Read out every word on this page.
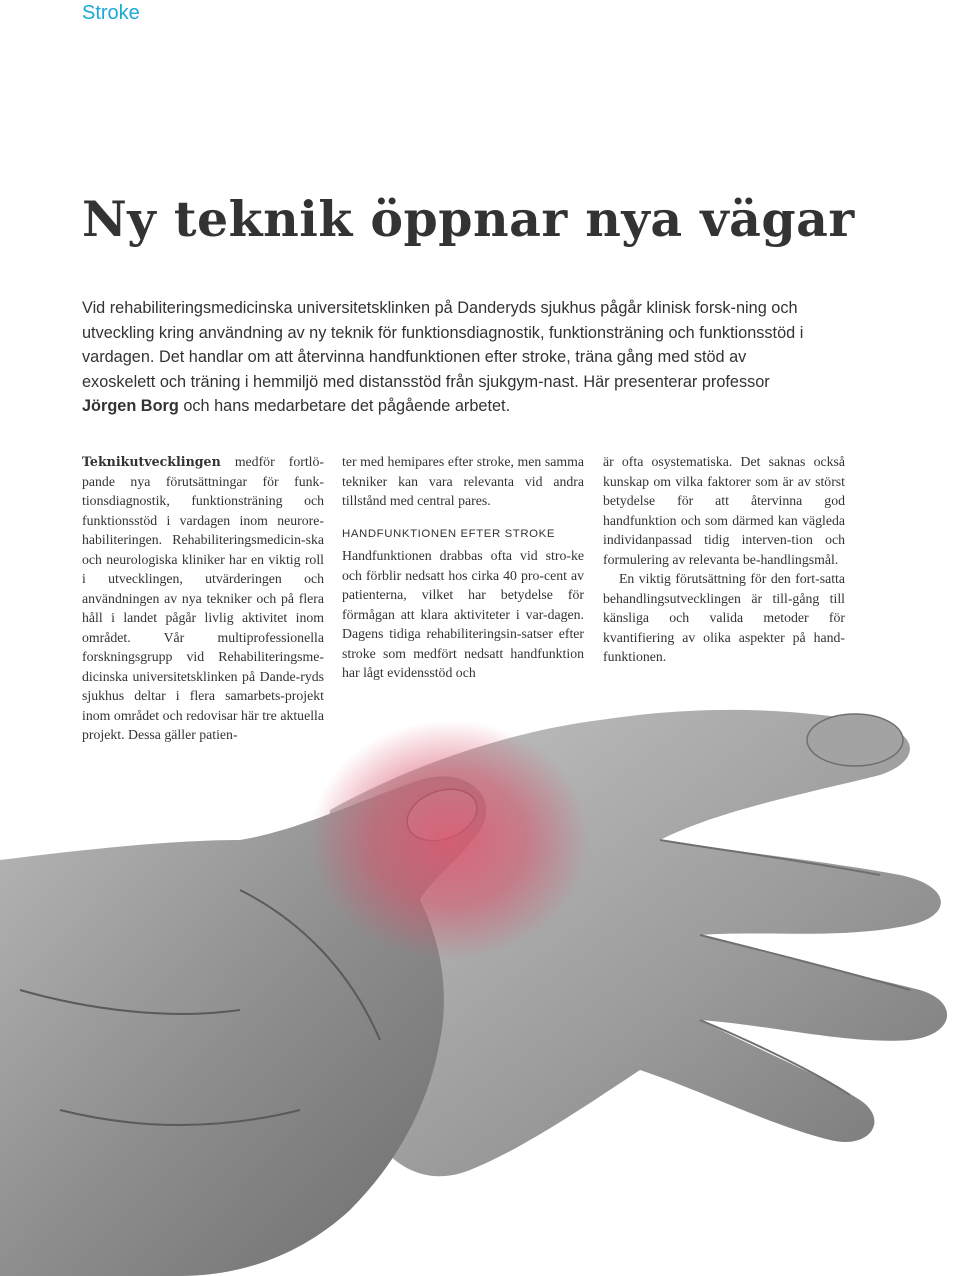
Stroke
Ny teknik öppnar nya vägar

Vid rehabiliteringsmedicinska universitetsklinken på Danderyds sjukhus pågår klinisk forsk-ning och utveckling kring användning av ny teknik för funktionsdiagnostik, funktionsträning och funktionsstöd i vardagen. Det handlar om att återvinna handfunktionen efter stroke, träna gång med stöd av exoskelett och träning i hemmiljö med distansstöd från sjukgym-nast. Här presenterar professor Jörgen Borg och hans medarbetare det pågående arbetet.

Teknikutvecklingen medför fortlö-pande nya förutsättningar för funk-tionsdiagnostik, funktionsträning och funktionsstöd i vardagen inom neurore-habiliteringen. Rehabiliteringsmedicin-ska och neurologiska kliniker har en viktig roll i utvecklingen, utvärderingen och användningen av nya tekniker och på flera håll i landet pågår livlig aktivitet inom området. Vår multiprofessionella forskningsgrupp vid Rehabiliteringsme-dicinska universitetsklinken på Dande-ryds sjukhus deltar i flera samarbets-projekt inom området och redovisar här tre aktuella projekt. Dessa gäller patien-

ter med hemipares efter stroke, men samma tekniker kan vara relevanta vid andra tillstånd med central pares.

HANDFUNKTIONEN EFTER STROKE

Handfunktionen drabbas ofta vid stro-ke och förblir nedsatt hos cirka 40 pro-cent av patienterna, vilket har betydelse för förmågan att klara aktiviteter i var-dagen. Dagens tidiga rehabiliteringsin-satser efter stroke som medfört nedsatt handfunktion har lågt evidensstöd och

är ofta osystematiska. Det saknas också kunskap om vilka faktorer som är av störst betydelse för att återvinna god handfunktion och som därmed kan vägleda individanpassad tidig interven-tion och formulering av relevanta be-handlingsmål.

En viktig förutsättning för den fort-satta behandlingsutvecklingen är till-gång till känsliga och valida metoder för kvantifiering av olika aspekter på hand-funktionen.
